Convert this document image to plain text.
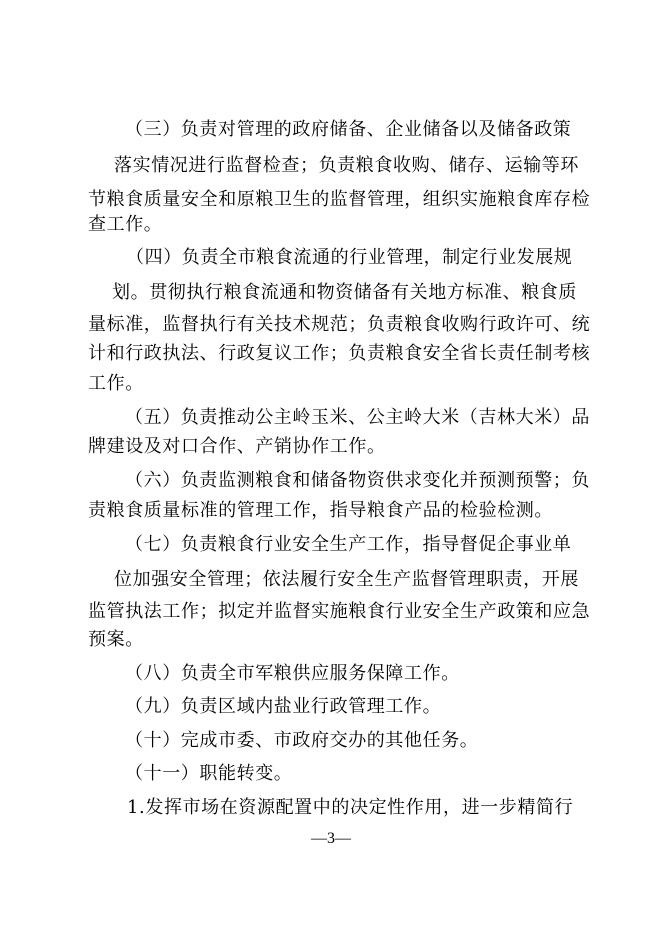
（三）负责对管理的政府储备、企业储备以及储备政策
落实情况进行监督检查；负责粮食收购、储存、运输等环
节粮食质量安全和原粮卫生的监督管理，组织实施粮食库存检
查工作。
（四）负责全市粮食流通的行业管理，制定行业发展规
划。贯彻执行粮食流通和物资储备有关地方标准、粮食质
量标准，监督执行有关技术规范；负责粮食收购行政许可、统
计和行政执法、行政复议工作；负责粮食安全省长责任制考核
工作。
（五）负责推动公主岭玉米、公主岭大米（吉林大米）品
牌建设及对口合作、产销协作工作。
（六）负责监测粮食和储备物资供求变化并预测预警；负
责粮食质量标准的管理工作，指导粮食产品的检验检测。
（七）负责粮食行业安全生产工作，指导督促企事业单
位加强安全管理；依法履行安全生产监督管理职责，开展
监管执法工作；拟定并监督实施粮食行业安全生产政策和应急
预案。
（八）负责全市军粮供应服务保障工作。
（九）负责区域内盐业行政管理工作。
（十）完成市委、市政府交办的其他任务。
（十一）职能转变。
1.发挥市场在资源配置中的决定性作用，进一步精简行
—3—
